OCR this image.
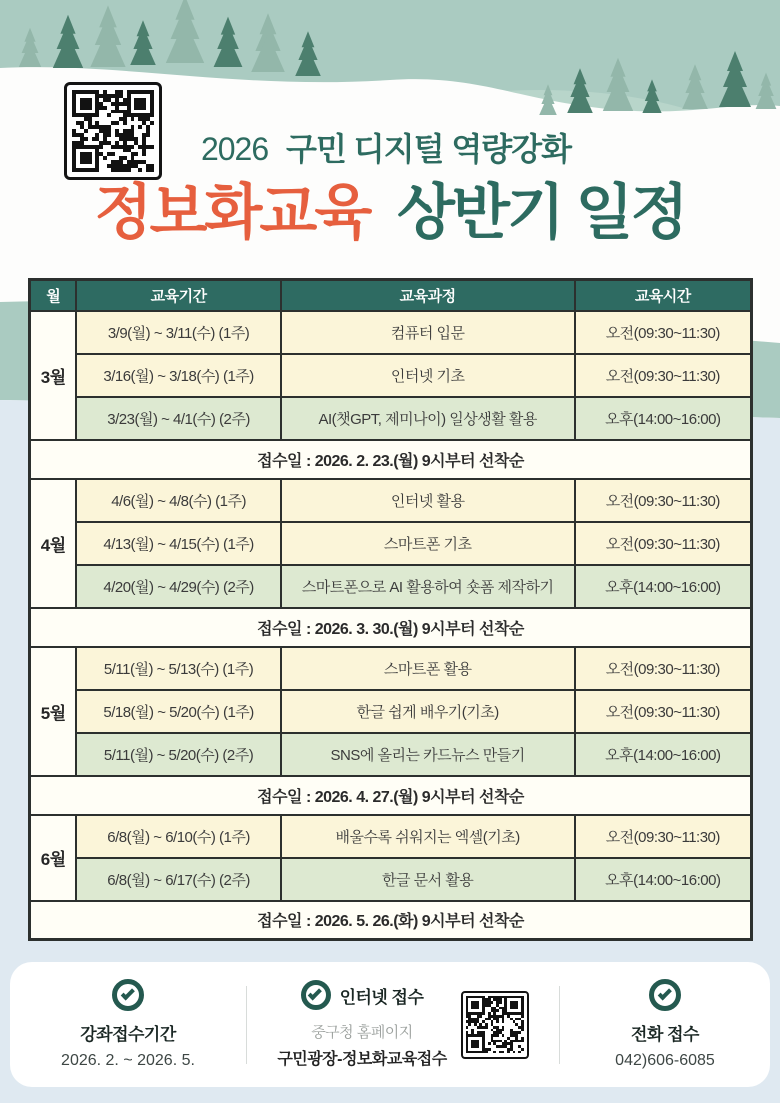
2026 구민 디지털 역량강화
정보화교육 상반기 일정
월	교육기간	교육과정	교육시간
3월	3/9(월) ~ 3/11(수) (1주)	컴퓨터 입문	오전(09:30~11:30)
	3/16(월) ~ 3/18(수) (1주)	인터넷 기초	오전(09:30~11:30)
	3/23(월) ~ 4/1(수) (2주)	AI(챗GPT, 제미나이) 일상생활 활용	오후(14:00~16:00)
접수일 : 2026. 2. 23.(월) 9시부터 선착순			
4월	4/6(월) ~ 4/8(수) (1주)	인터넷 활용	오전(09:30~11:30)
	4/13(월) ~ 4/15(수) (1주)	스마트폰 기초	오전(09:30~11:30)
	4/20(월) ~ 4/29(수) (2주)	스마트폰으로 AI 활용하여 숏폼 제작하기	오후(14:00~16:00)
접수일 : 2026. 3. 30.(월) 9시부터 선착순			
5월	5/11(월) ~ 5/13(수) (1주)	스마트폰 활용	오전(09:30~11:30)
	5/18(월) ~ 5/20(수) (1주)	한글 쉽게 배우기(기초)	오전(09:30~11:30)
	5/11(월) ~ 5/20(수) (2주)	SNS에 올리는 카드뉴스 만들기	오후(14:00~16:00)
접수일 : 2026. 4. 27.(월) 9시부터 선착순			
6월	6/8(월) ~ 6/10(수) (1주)	배울수록 쉬워지는 엑셀(기초)	오전(09:30~11:30)
	6/8(월) ~ 6/17(수) (2주)	한글 문서 활용	오후(14:00~16:00)
접수일 : 2026. 5. 26.(화) 9시부터 선착순			
강좌접수기간
2026. 2. ~ 2026. 5.
인터넷 접수
중구청 홈페이지
구민광장-정보화교육접수
전화 접수
042)606-6085
